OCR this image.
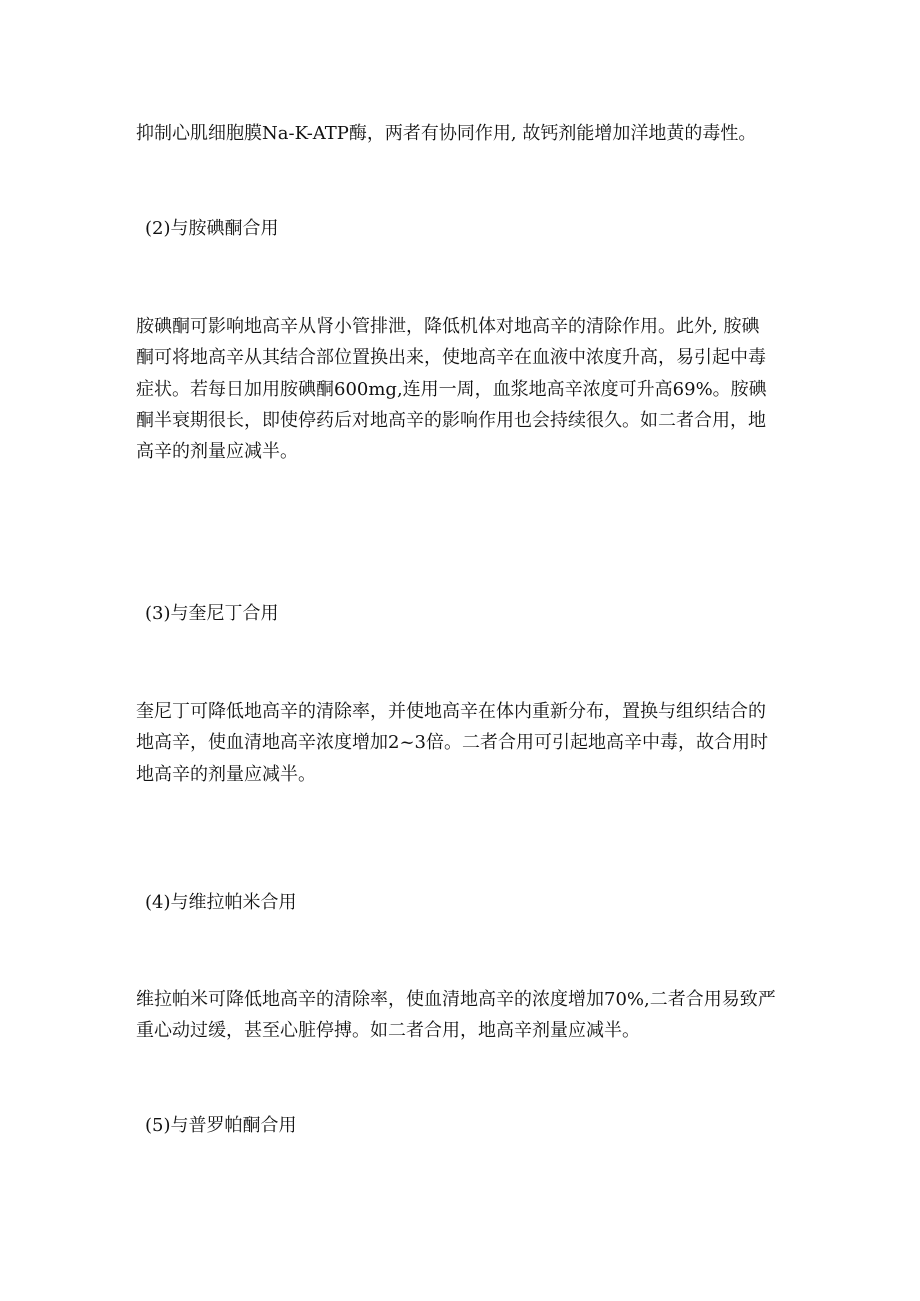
抑制心肌细胞膜Na-K-ATP酶，两者有协同作用, 故钙剂能增加洋地黄的毒性。

(2)与胺碘酮合用

胺碘酮可影响地高辛从肾小管排泄，降低机体对地高辛的清除作用。此外, 胺碘
酮可将地高辛从其结合部位置换出来，使地高辛在血液中浓度升高，易引起中毒
症状。若每日加用胺碘酮600mg,连用一周，血浆地高辛浓度可升高69%。胺碘
酮半衰期很长，即使停药后对地高辛的影响作用也会持续很久。如二者合用，地
高辛的剂量应减半。

(3)与奎尼丁合用

奎尼丁可降低地高辛的清除率，并使地高辛在体内重新分布，置换与组织结合的
地高辛，使血清地高辛浓度增加2~3倍。二者合用可引起地高辛中毒，故合用时
地高辛的剂量应减半。

(4)与维拉帕米合用

维拉帕米可降低地高辛的清除率，使血清地高辛的浓度增加70%,二者合用易致严
重心动过缓，甚至心脏停搏。如二者合用，地高辛剂量应减半。

(5)与普罗帕酮合用
